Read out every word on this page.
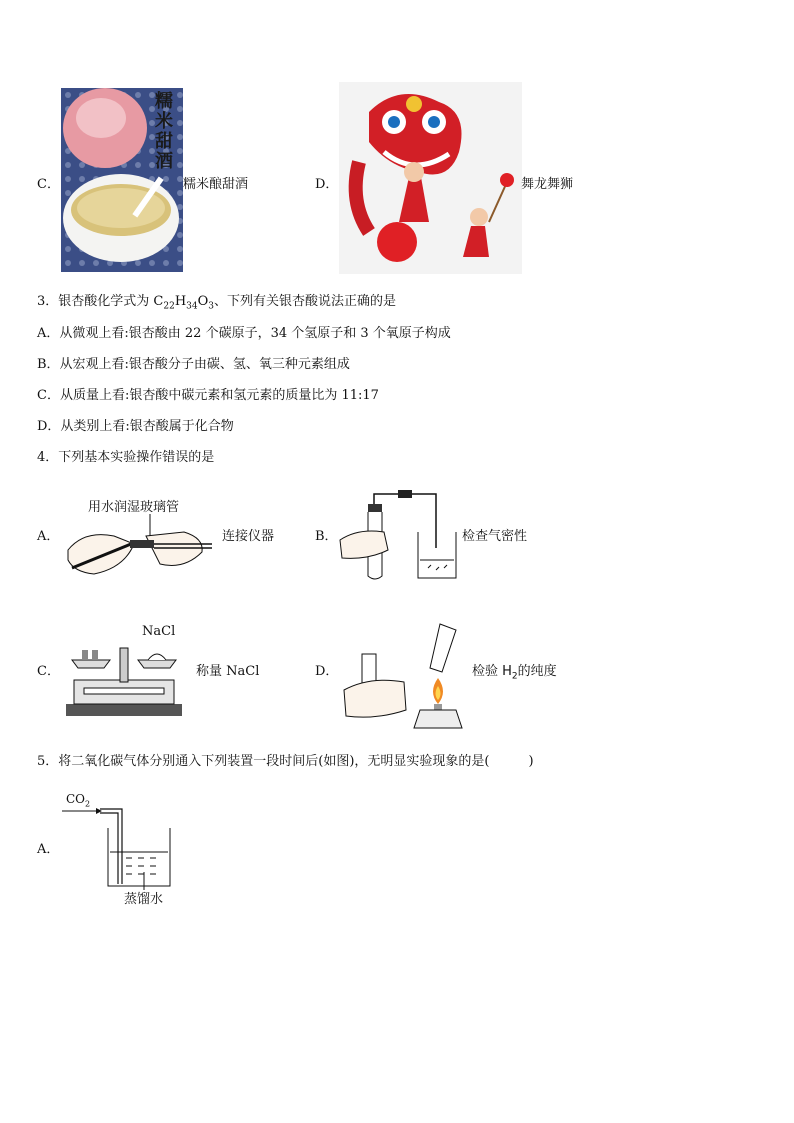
C．
糯米甜酒
糯米酿甜酒	D．	舞龙舞狮
3．银杏酸化学式为 $C_{22}H_{34}O_3$、下列有关银杏酸说法正确的是
A．从微观上看:银杏酸由 22 个碳原子，34 个氢原子和 3 个氧原子构成
B．从宏观上看:银杏酸分子由碳、氢、氧三种元素组成
C．从质量上看:银杏酸中碳元素和氢元素的质量比为 11:17
D．从类别上看:银杏酸属于化合物
4．下列基本实验操作错误的是
A．
用水润湿玻璃管
连接仪器	B．	检查气密性
C．
NaCl
称量 NaCl	D．	检验 $H_2$的纯度
5．将二氧化碳气体分别通入下列装置一段时间后(如图)，无明显实验现象的是(　　　)
A．
$CO_2$
蒸馏水
